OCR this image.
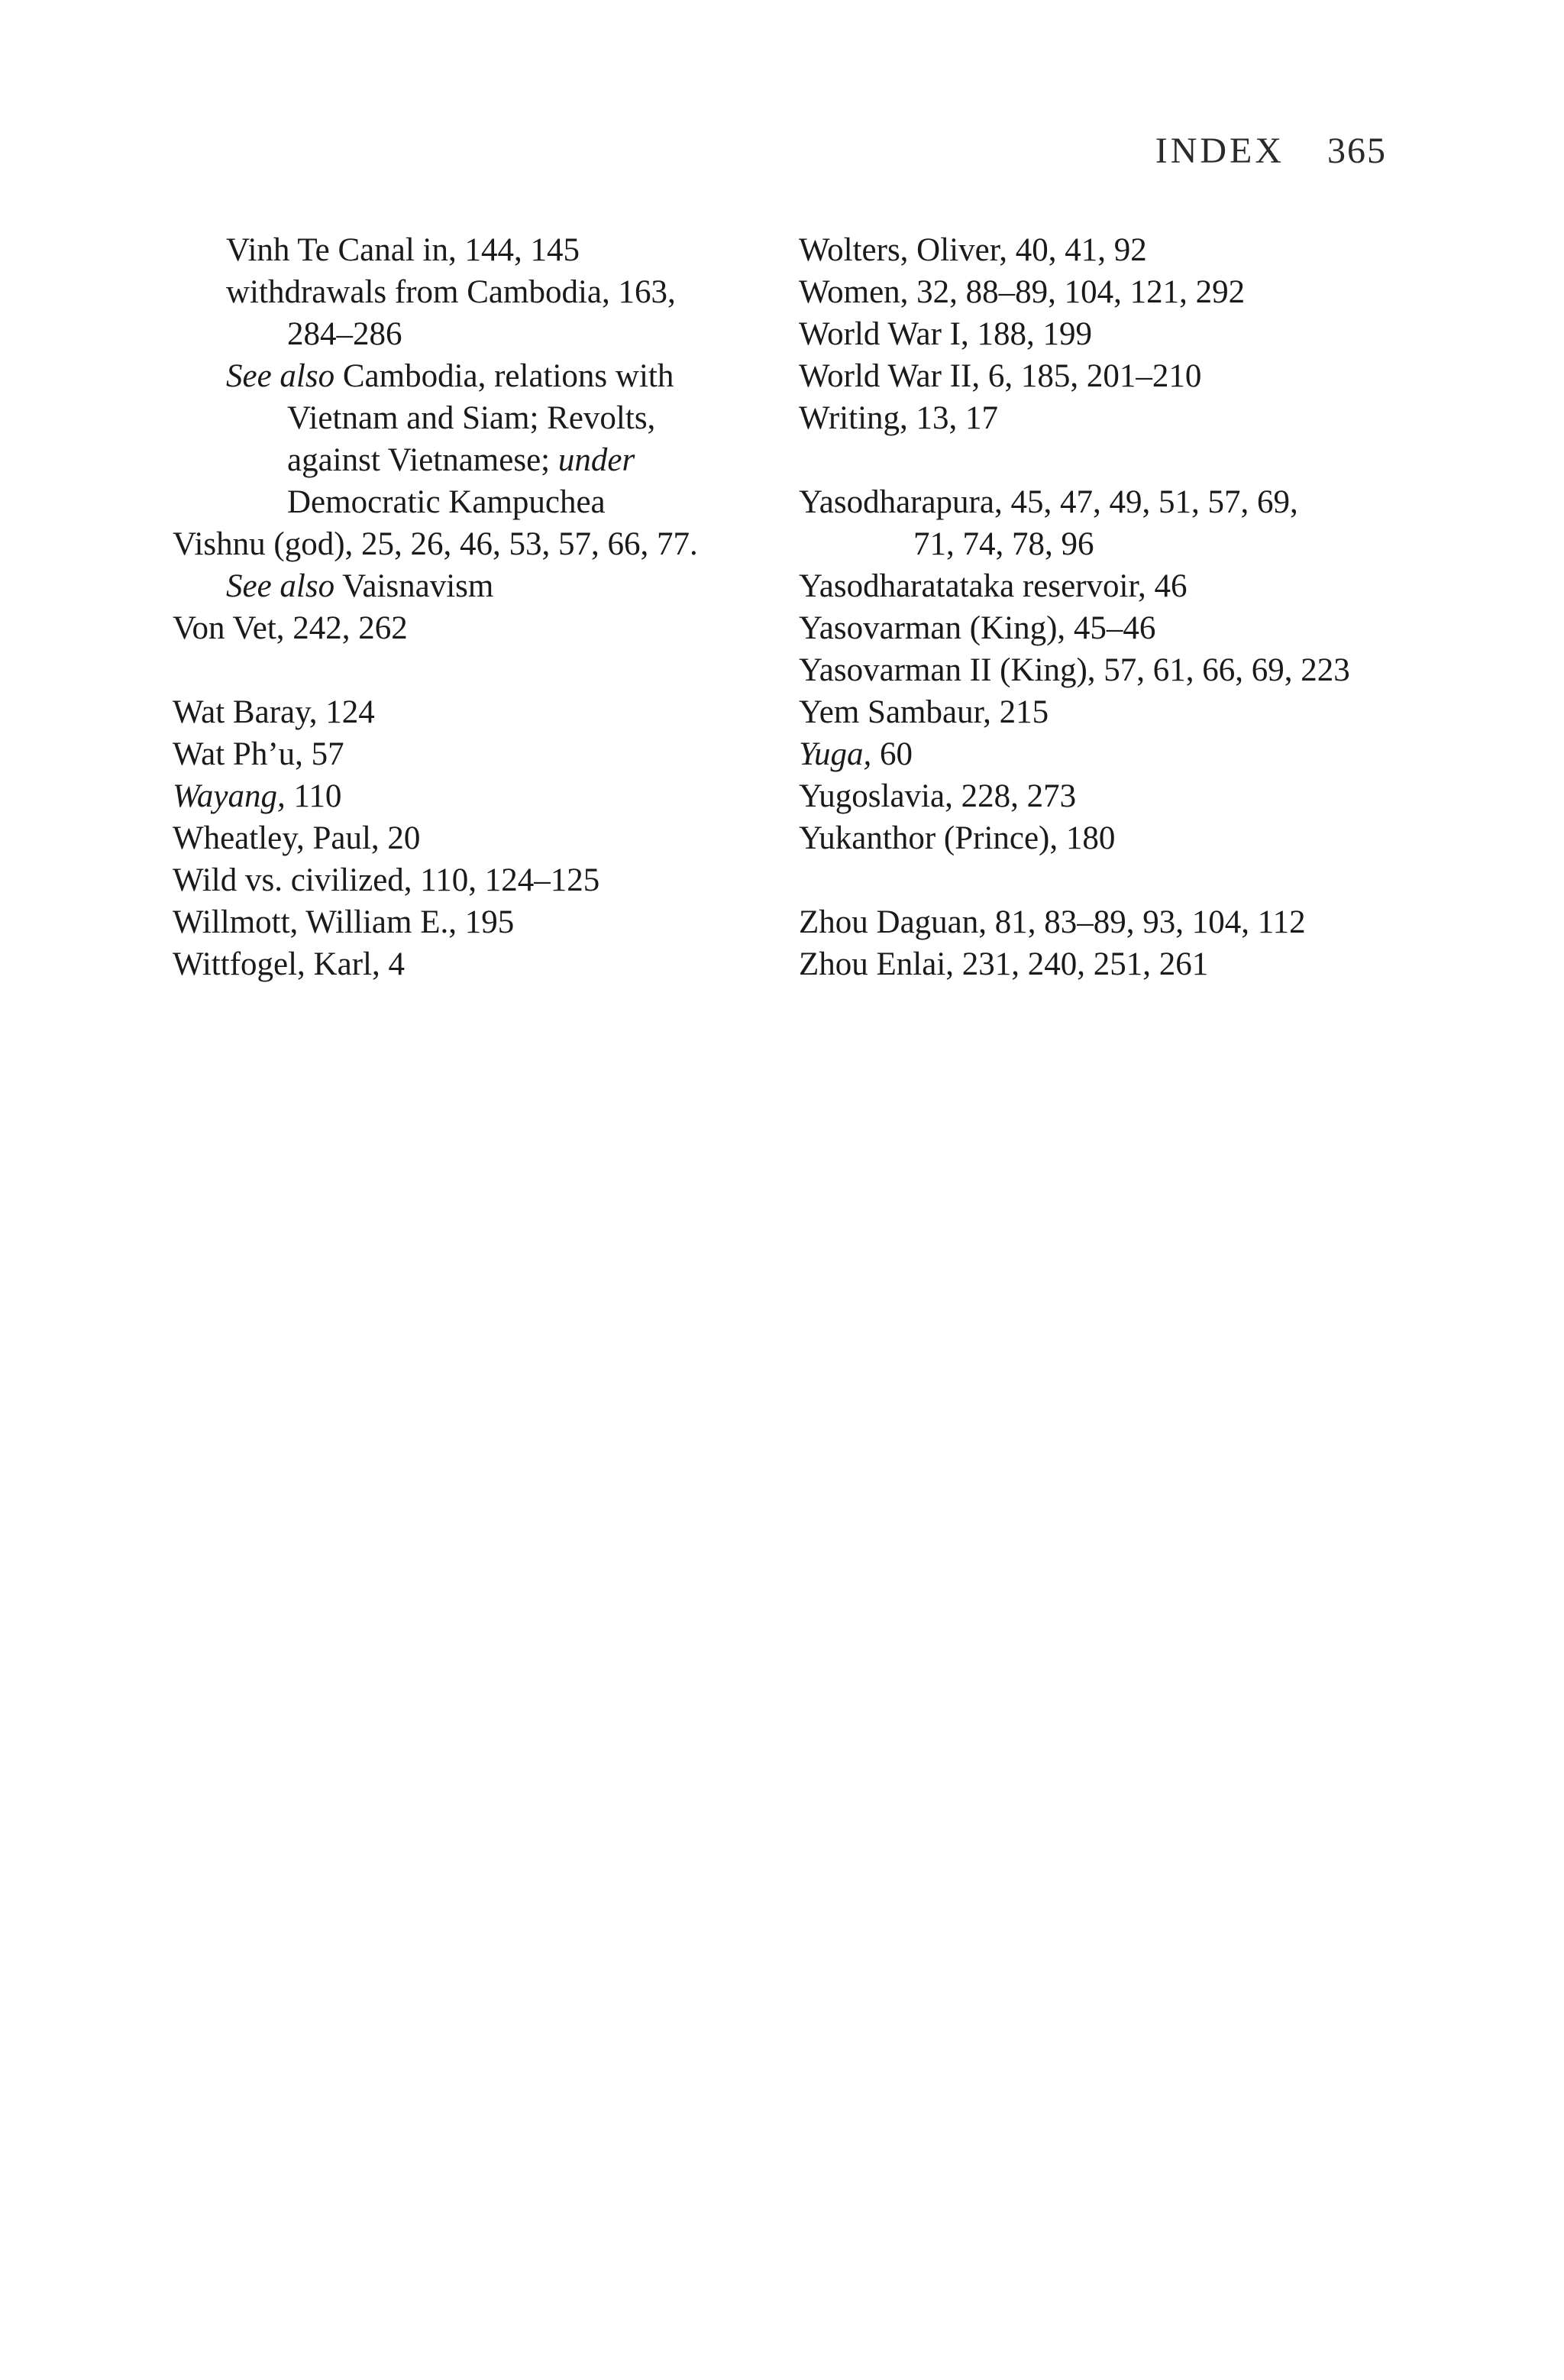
INDEX 365
Vinh Te Canal in, 144, 145
withdrawals from Cambodia, 163,
284–286
See also Cambodia, relations with
Vietnam and Siam; Revolts,
against Vietnamese; under
Democratic Kampuchea
Vishnu (god), 25, 26, 46, 53, 57, 66, 77.
See also Vaisnavism
Von Vet, 242, 262
Wat Baray, 124
Wat Ph’u, 57
Wayang, 110
Wheatley, Paul, 20
Wild vs. civilized, 110, 124–125
Willmott, William E., 195
Wittfogel, Karl, 4
Wolters, Oliver, 40, 41, 92
Women, 32, 88–89, 104, 121, 292
World War I, 188, 199
World War II, 6, 185, 201–210
Writing, 13, 17
Yasodharapura, 45, 47, 49, 51, 57, 69,
71, 74, 78, 96
Yasodharatataka reservoir, 46
Yasovarman (King), 45–46
Yasovarman II (King), 57, 61, 66, 69, 223
Yem Sambaur, 215
Yuga, 60
Yugoslavia, 228, 273
Yukanthor (Prince), 180
Zhou Daguan, 81, 83–89, 93, 104, 112
Zhou Enlai, 231, 240, 251, 261
